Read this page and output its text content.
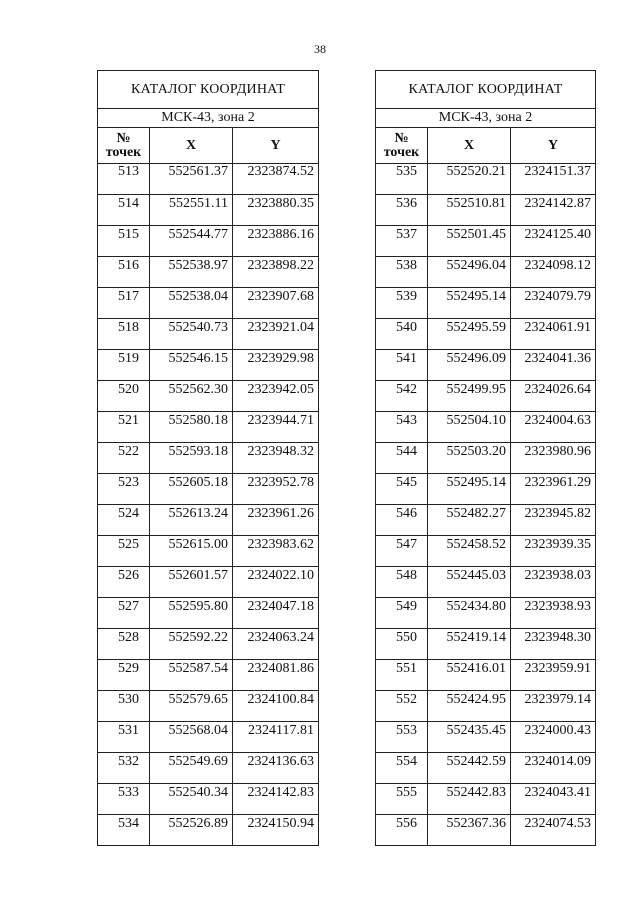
38
КАТАЛОГ КООРДИНАТ		
МСК-43, зона 2		
№
точек	X	Y
513	552561.37	2323874.52
514	552551.11	2323880.35
515	552544.77	2323886.16
516	552538.97	2323898.22
517	552538.04	2323907.68
518	552540.73	2323921.04
519	552546.15	2323929.98
520	552562.30	2323942.05
521	552580.18	2323944.71
522	552593.18	2323948.32
523	552605.18	2323952.78
524	552613.24	2323961.26
525	552615.00	2323983.62
526	552601.57	2324022.10
527	552595.80	2324047.18
528	552592.22	2324063.24
529	552587.54	2324081.86
530	552579.65	2324100.84
531	552568.04	2324117.81
532	552549.69	2324136.63
533	552540.34	2324142.83
534	552526.89	2324150.94
КАТАЛОГ КООРДИНАТ		
МСК-43, зона 2		
№
точек	X	Y
535	552520.21	2324151.37
536	552510.81	2324142.87
537	552501.45	2324125.40
538	552496.04	2324098.12
539	552495.14	2324079.79
540	552495.59	2324061.91
541	552496.09	2324041.36
542	552499.95	2324026.64
543	552504.10	2324004.63
544	552503.20	2323980.96
545	552495.14	2323961.29
546	552482.27	2323945.82
547	552458.52	2323939.35
548	552445.03	2323938.03
549	552434.80	2323938.93
550	552419.14	2323948.30
551	552416.01	2323959.91
552	552424.95	2323979.14
553	552435.45	2324000.43
554	552442.59	2324014.09
555	552442.83	2324043.41
556	552367.36	2324074.53
